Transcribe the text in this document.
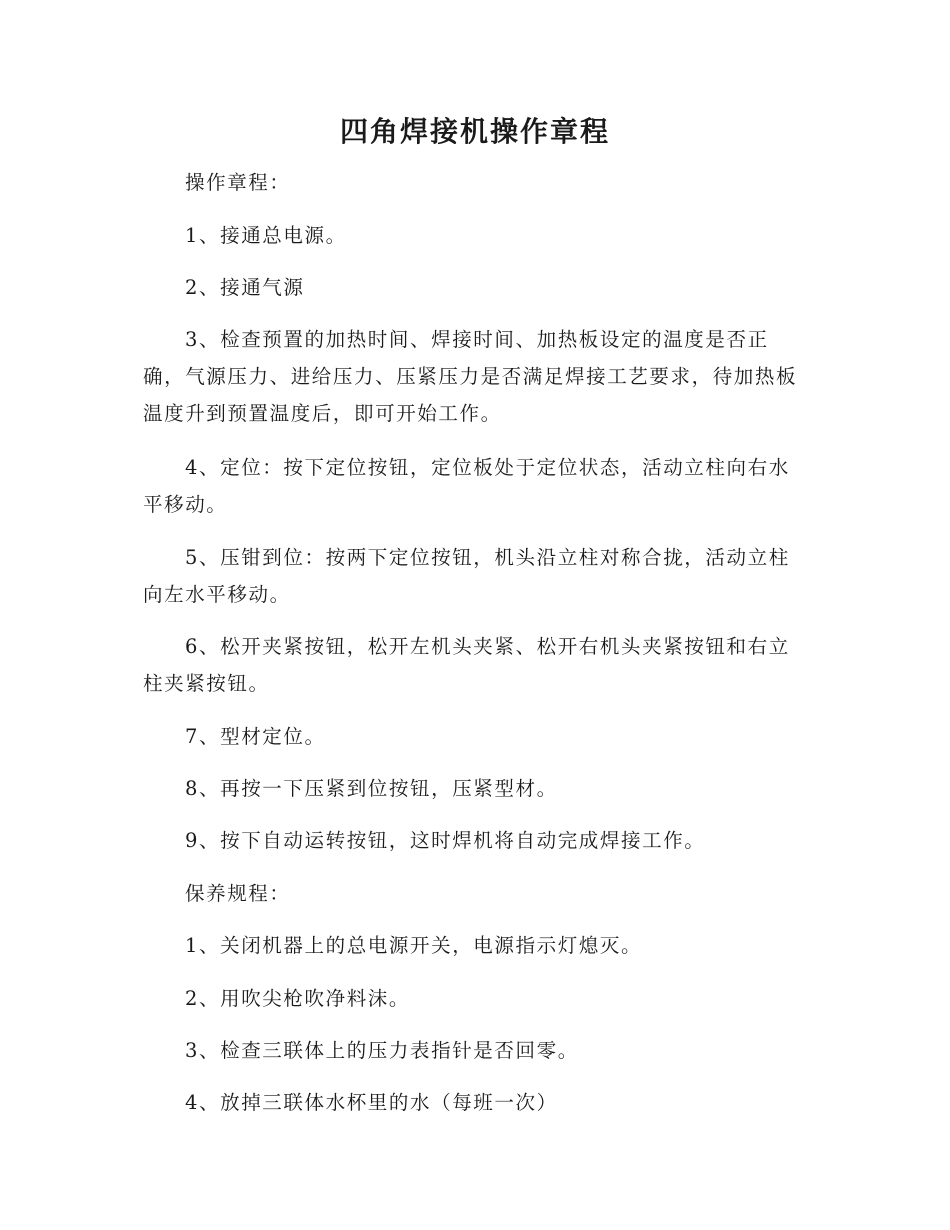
四角焊接机操作章程

操作章程：

1、接通总电源。

2、接通气源

3、检查预置的加热时间、焊接时间、加热板设定的温度是否正确，气源压力、进给压力、压紧压力是否满足焊接工艺要求，待加热板温度升到预置温度后，即可开始工作。

4、定位：按下定位按钮，定位板处于定位状态，活动立柱向右水平移动。

5、压钳到位：按两下定位按钮，机头沿立柱对称合拢，活动立柱向左水平移动。

6、松开夹紧按钮，松开左机头夹紧、松开右机头夹紧按钮和右立柱夹紧按钮。

7、型材定位。

8、再按一下压紧到位按钮，压紧型材。

9、按下自动运转按钮，这时焊机将自动完成焊接工作。

保养规程：

1、关闭机器上的总电源开关，电源指示灯熄灭。

2、用吹尖枪吹净料沫。

3、检查三联体上的压力表指针是否回零。

4、放掉三联体水杯里的水（每班一次）
